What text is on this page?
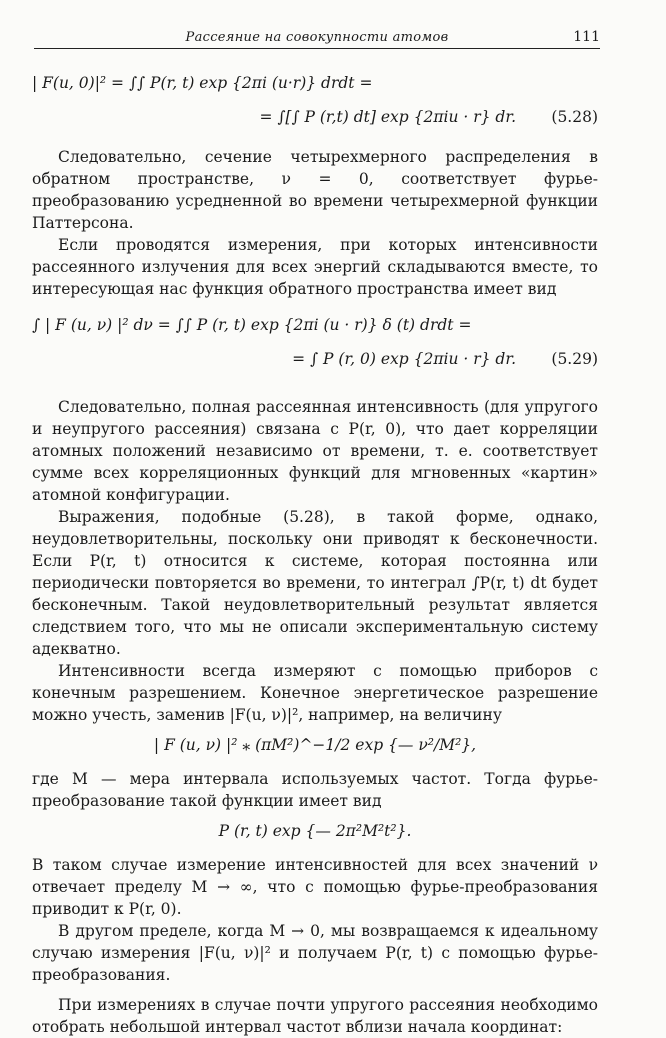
Рассеяние на совокупности атомов	111
| F(u, 0)|² = ∫∫ P(r, t) exp {2πi (u·r)} drdt =
= ∫[∫ P (r,t) dt] exp {2πiu · r} dr. (5.28)

Следовательно, сечение четырехмерного распределения в обратном пространстве, ν = 0, соответствует фурье-преобразованию усредненной во времени четырехмерной функции Паттерсона.

Если проводятся измерения, при которых интенсивности рассеянного излучения для всех энергий складываются вместе, то интересующая нас функция обратного пространства имеет вид

∫ | F (u, ν) |² dν = ∫∫ P (r, t) exp {2πi (u · r)} δ (t) drdt =
= ∫ P (r, 0) exp {2πiu · r} dr. (5.29)

Следовательно, полная рассеянная интенсивность (для упругого и неупругого рассеяния) связана с P(r, 0), что дает корреляции атомных положений независимо от времени, т. е. соответствует сумме всех корреляционных функций для мгновенных «картин» атомной конфигурации.

Выражения, подобные (5.28), в такой форме, однако, неудовлетворительны, поскольку они приводят к бесконечности. Если P(r, t) относится к системе, которая постоянна или периодически повторяется во времени, то интеграл ∫P(r, t) dt будет бесконечным. Такой неудовлетворительный результат является следствием того, что мы не описали экспериментальную систему адекватно.

Интенсивности всегда измеряют с помощью приборов с конечным разрешением. Конечное энергетическое разрешение можно учесть, заменив |F(u, ν)|², например, на величину

| F (u, ν) |² ⁎ (πM²)^−1/2 exp {— ν²/M²},

где M — мера интервала используемых частот. Тогда фурье-преобразование такой функции имеет вид

P (r, t) exp {— 2π²M²t²}.

В таком случае измерение интенсивностей для всех значений ν отвечает пределу M → ∞, что с помощью фурье-преобразования приводит к P(r, 0).

В другом пределе, когда M → 0, мы возвращаемся к идеальному случаю измерения |F(u, ν)|² и получаем P(r, t) с помощью фурье-преобразования.

При измерениях в случае почти упругого рассеяния необходимо отобрать небольшой интервал частот вблизи начала координат:
